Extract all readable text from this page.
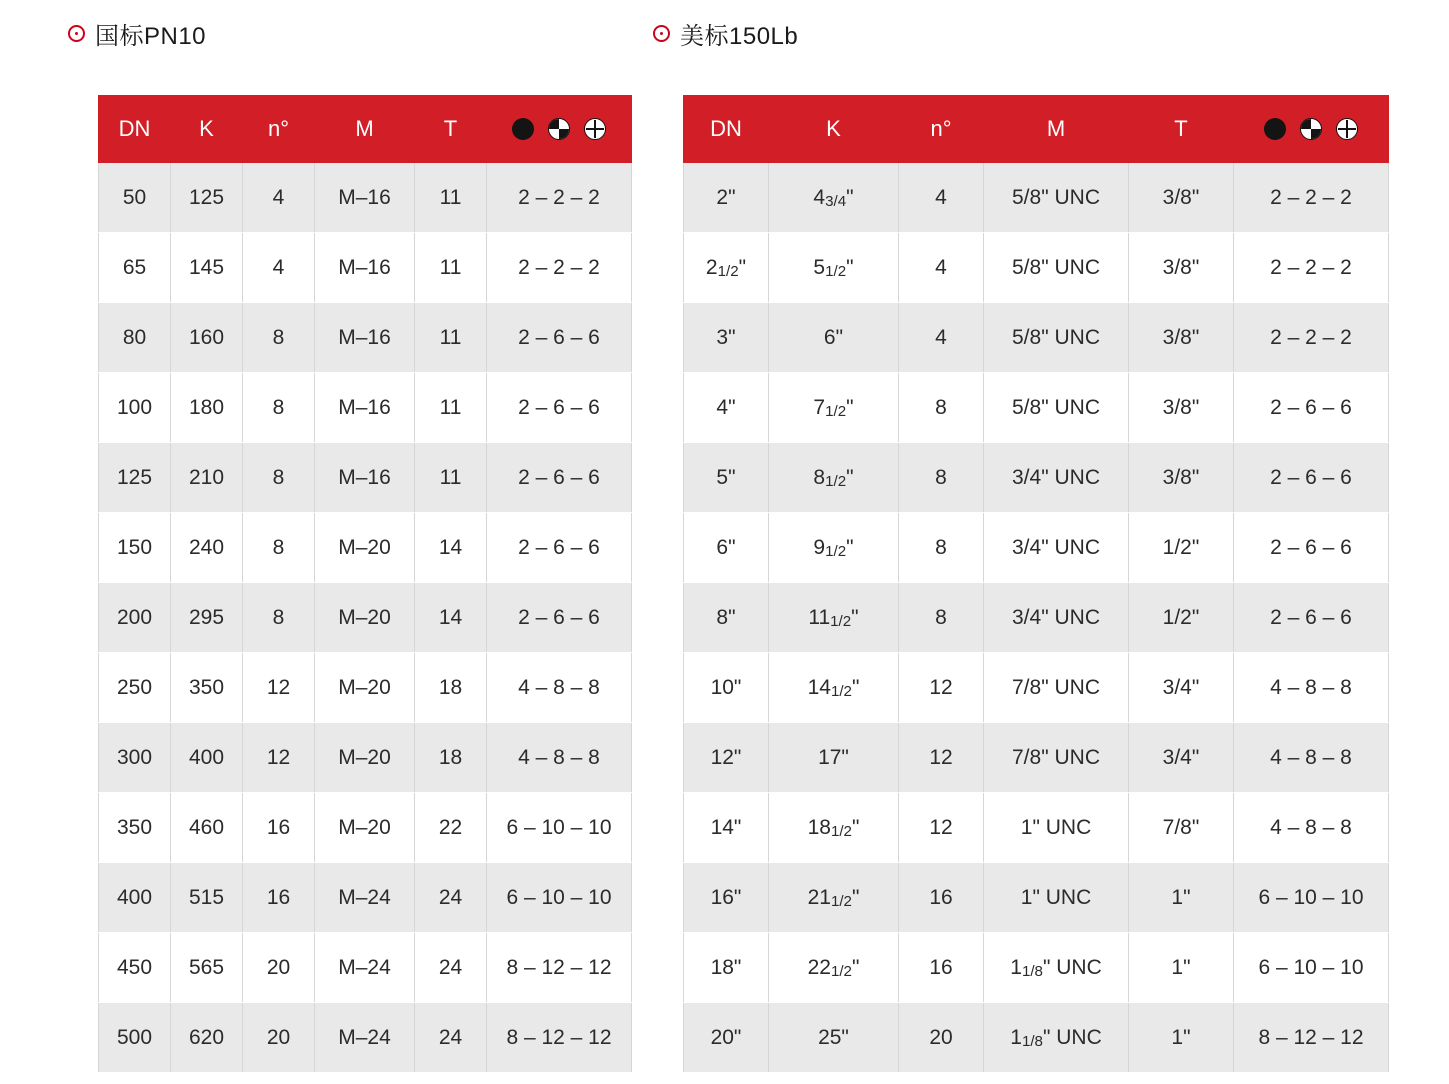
国标PN10
DN	K	n°	M	T	

50	125	4	M–16	11	2 – 2 – 2
65	145	4	M–16	11	2 – 2 – 2
80	160	8	M–16	11	2 – 6 – 6
100	180	8	M–16	11	2 – 6 – 6
125	210	8	M–16	11	2 – 6 – 6
150	240	8	M–20	14	2 – 6 – 6
200	295	8	M–20	14	2 – 6 – 6
250	350	12	M–20	18	4 – 8 – 8
300	400	12	M–20	18	4 – 8 – 8
350	460	16	M–20	22	6 – 10 – 10
400	515	16	M–24	24	6 – 10 – 10
450	565	20	M–24	24	8 – 12 – 12
500	620	20	M–24	24	8 – 12 – 12
美标150Lb
DN	K	n°	M	T	

2"	$4_{3/4}$"	4	5/8" UNC	3/8"	2 – 2 – 2
$2_{1/2}$"	$5_{1/2}$"	4	5/8" UNC	3/8"	2 – 2 – 2
3"	6"	4	5/8" UNC	3/8"	2 – 2 – 2
4"	$7_{1/2}$"	8	5/8" UNC	3/8"	2 – 6 – 6
5"	$8_{1/2}$"	8	3/4" UNC	3/8"	2 – 6 – 6
6"	$9_{1/2}$"	8	3/4" UNC	1/2"	2 – 6 – 6
8"	$11_{1/2}$"	8	3/4" UNC	1/2"	2 – 6 – 6
10"	$14_{1/2}$"	12	7/8" UNC	3/4"	4 – 8 – 8
12"	17"	12	7/8" UNC	3/4"	4 – 8 – 8
14"	$18_{1/2}$"	12	1" UNC	7/8"	4 – 8 – 8
16"	$21_{1/2}$"	16	1" UNC	1"	6 – 10 – 10
18"	$22_{1/2}$"	16	$1_{1/8}$" UNC	1"	6 – 10 – 10
20"	25"	20	$1_{1/8}$" UNC	1"	8 – 12 – 12
